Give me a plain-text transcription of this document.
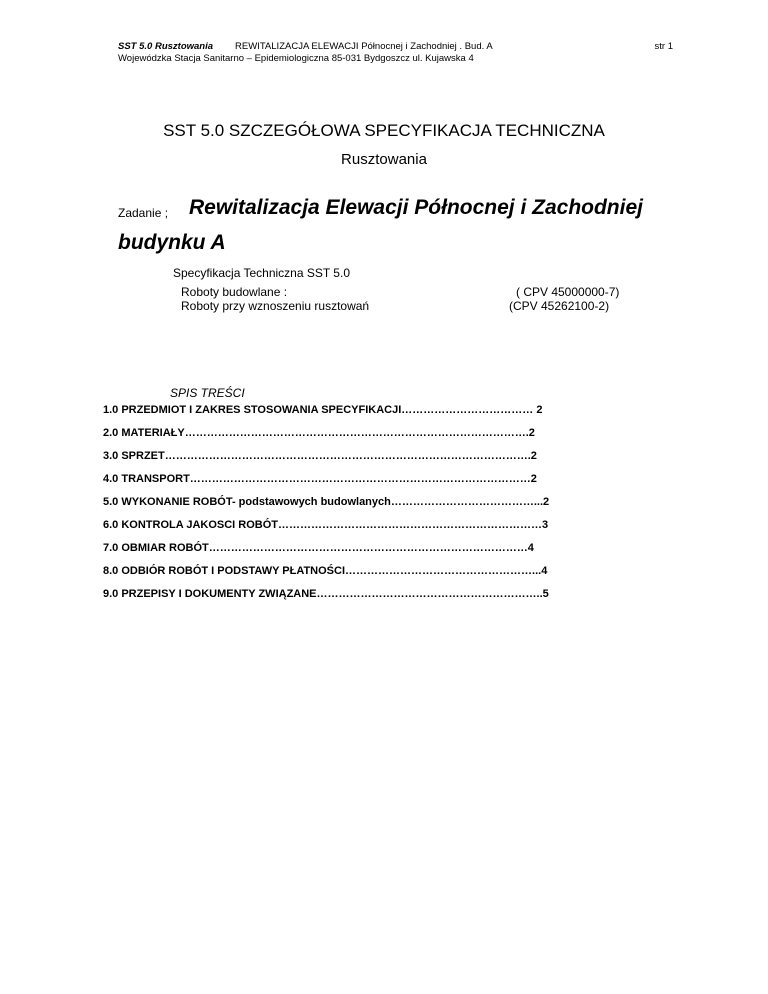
SST 5.0 Rusztowania REWITALIZACJA ELEWACJI Północnej i Zachodniej . Bud. A
Wojewódzka Stacja Sanitarno – Epidemiologiczna 85-031 Bydgoszcz ul. Kujawska 4
str 1
SST 5.0 SZCZEGÓŁOWA SPECYFIKACJA TECHNICZNA
Rusztowania
Zadanie ; Rewitalizacja Elewacji Północnej i Zachodniej
budynku A
Specyfikacja Techniczna SST 5.0
Roboty budowlane :	( CPV 45000000-7)
Roboty przy wznoszeniu rusztowań	(CPV 45262100-2)
SPIS TREŚCI
1.0 PRZEDMIOT I ZAKRES STOSOWANIA SPECYFIKACJI……………………………… 2
2.0 MATERIAŁY………………………………………………………………………………….2
3.0 SPRZET……………………………………………………………………………………….2
4.0 TRANSPORT…………………………………………………………………………………2
5.0 WYKONANIE ROBÓT- podstawowych budowlanych…………………………………...2
6.0 KONTROLA JAKOSCI ROBÓT………………………………………………………………3
7.0 OBMIAR ROBÓT……………………………………………………………………………4
8.0 ODBIÓR ROBÓT I PODSTAWY PŁATNOŚCI……………………………………………...4
9.0 PRZEPISY I DOKUMENTY ZWIĄZANE……………………………………………………..5
